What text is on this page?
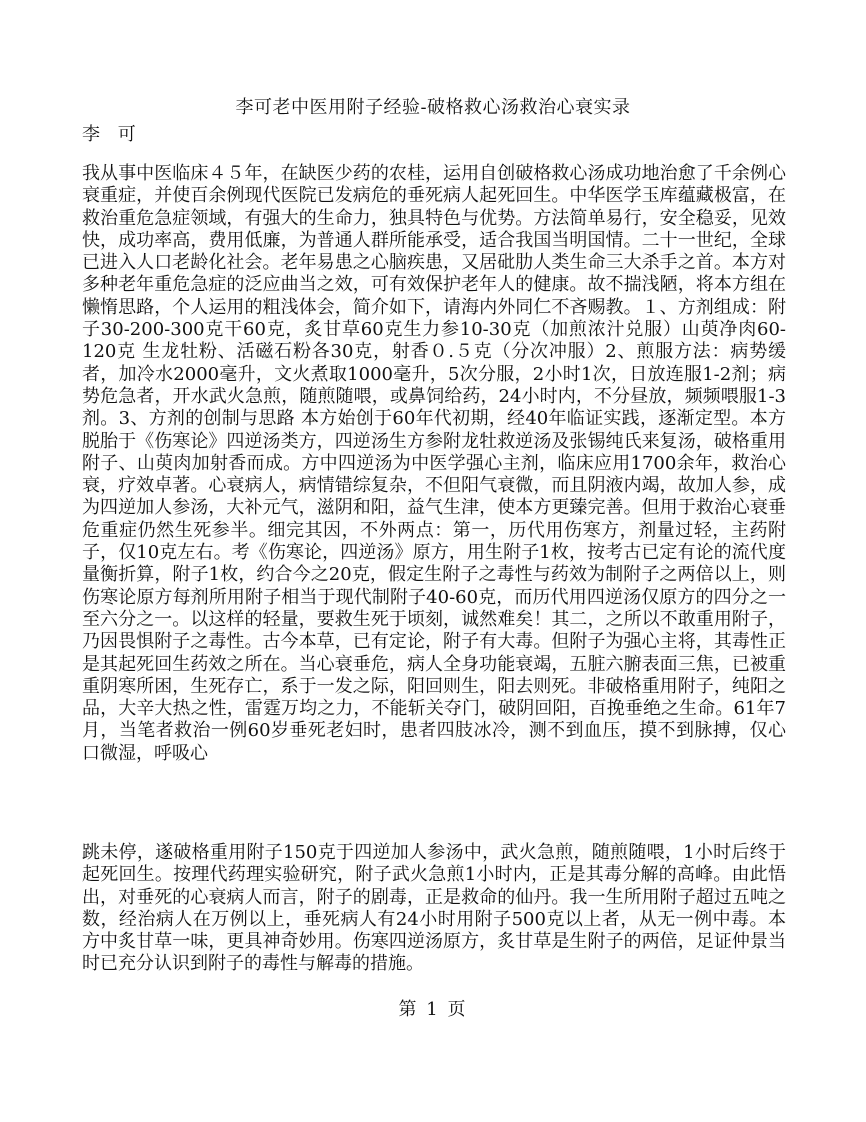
李可老中医用附子经验-破格救心汤救治心衰实录
李 可

我从事中医临床４５年，在缺医少药的农桂，运用自创破格救心汤成功地治愈了千余例心衰重症，并使百余例现代医院已发病危的垂死病人起死回生。中华医学玉库蕴藏极富，在救治重危急症领域，有强大的生命力，独具特色与优势。方法简单易行，安全稳妥，见效快，成功率高，费用低廉，为普通人群所能承受，适合我国当明国情。二十一世纪，全球已进入人口老龄化社会。老年易患之心脑疾患，又居砒肋人类生命三大杀手之首。本方对多种老年重危急症的泛应曲当之效，可有效保护老年人的健康。故不揣浅陋，将本方组在懒惰思路，个人运用的粗浅体会，简介如下，请海内外同仁不吝赐教。１、方剂组成：附子30-200-300克干60克，炙甘草60克生力参10-30克（加煎浓汁兑服）山萸净肉60-120克 生龙牡粉、活磁石粉各30克，射香０.５克（分次冲服）2、煎服方法：病势缓者，加冷水2000毫升，文火煮取1000毫升，5次分服，2小时1次，日放连服1-2剂；病势危急者，开水武火急煎，随煎随喂，或鼻饲给药，24小时内，不分昼放，频频喂服1-3剂。3、方剂的创制与思路 本方始创于60年代初期，经40年临证实践，逐渐定型。本方脱胎于《伤寒论》四逆汤类方，四逆汤生方参附龙牡救逆汤及张锡纯氏来复汤，破格重用附子、山萸肉加射香而成。方中四逆汤为中医学强心主剂，临床应用1700余年，救治心衰，疗效卓著。心衰病人，病情错综复杂，不但阳气衰微，而且阴液内竭，故加人参，成为四逆加人参汤，大补元气，滋阴和阳，益气生津，使本方更臻完善。但用于救治心衰垂危重症仍然生死参半。细完其因，不外两点：第一，历代用伤寒方，剂量过轻，主药附子，仅10克左右。考《伤寒论，四逆汤》原方，用生附子1枚，按考古已定有论的流代度量衡折算，附子1枚，约合今之20克，假定生附子之毒性与药效为制附子之两倍以上，则伤寒论原方每剂所用附子相当于现代制附子40-60克，而历代用四逆汤仅原方的四分之一至六分之一。以这样的轻量，要救生死于顷刻，诚然难矣！其二，之所以不敢重用附子，乃因畏惧附子之毒性。古今本草，已有定论，附子有大毒。但附子为强心主将，其毒性正是其起死回生药效之所在。当心衰垂危，病人全身功能衰竭，五脏六腑表面三焦，已被重重阴寒所困，生死存亡，系于一发之际，阳回则生，阳去则死。非破格重用附子，纯阳之品，大辛大热之性，雷霆万均之力，不能斩关夺门，破阴回阳，百挽垂绝之生命。61年7月，当笔者救治一例60岁垂死老妇时，患者四肢冰冷，测不到血压，摸不到脉搏，仅心口微湿，呼吸心

跳未停，遂破格重用附子150克于四逆加人参汤中，武火急煎，随煎随喂，1小时后终于起死回生。按理代药理实验研究，附子武火急煎1小时内，正是其毒分解的高峰。由此悟出，对垂死的心衰病人而言，附子的剧毒，正是救命的仙丹。我一生所用附子超过五吨之数，经治病人在万例以上，垂死病人有24小时用附子500克以上者，从无一例中毒。本方中炙甘草一味，更具神奇妙用。伤寒四逆汤原方，炙甘草是生附子的两倍，足证仲景当时已充分认识到附子的毒性与解毒的措施。

第 1 页
